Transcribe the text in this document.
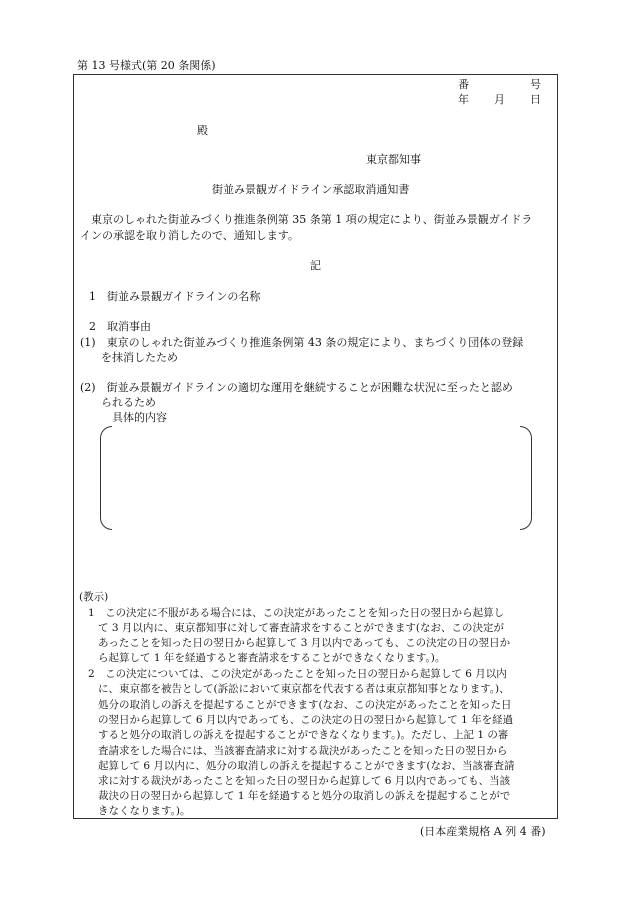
第 13 号様式(第 20 条関係)
番	号
年 月 日
殿
東京都知事
街並み景観ガイドライン承認取消通知書
東京のしゃれた街並みづくり推進条例第 35 条第 1 項の規定により、街並み景観ガイドラ
インの承認を取り消したので、通知します。
記
1　街並み景観ガイドラインの名称
2　取消事由
(1)　東京のしゃれた街並みづくり推進条例第 43 条の規定により、まちづくり団体の登録
を抹消したため
(2)　街並み景観ガイドラインの適切な運用を継続することが困難な状況に至ったと認め
られるため
具体的内容
(教示)
1　この決定に不服がある場合には、この決定があったことを知った日の翌日から起算し
て 3 月以内に、東京都知事に対して審査請求をすることができます(なお、この決定が
あったことを知った日の翌日から起算して 3 月以内であっても、この決定の日の翌日か
ら起算して 1 年を経過すると審査請求をすることができなくなります。)。
2　この決定については、この決定があったことを知った日の翌日から起算して 6 月以内
に、東京都を被告として(訴訟において東京都を代表する者は東京都知事となります。)、
処分の取消しの訴えを提起することができます(なお、この決定があったことを知った日
の翌日から起算して 6 月以内であっても、この決定の日の翌日から起算して 1 年を経過
すると処分の取消しの訴えを提起することができなくなります。)。ただし、上記 1 の審
査請求をした場合には、当該審査請求に対する裁決があったことを知った日の翌日から
起算して 6 月以内に、処分の取消しの訴えを提起することができます(なお、当該審査請
求に対する裁決があったことを知った日の翌日から起算して 6 月以内であっても、当該
裁決の日の翌日から起算して 1 年を経過すると処分の取消しの訴えを提起することがで
きなくなります。)。
(日本産業規格 A 列 4 番)
